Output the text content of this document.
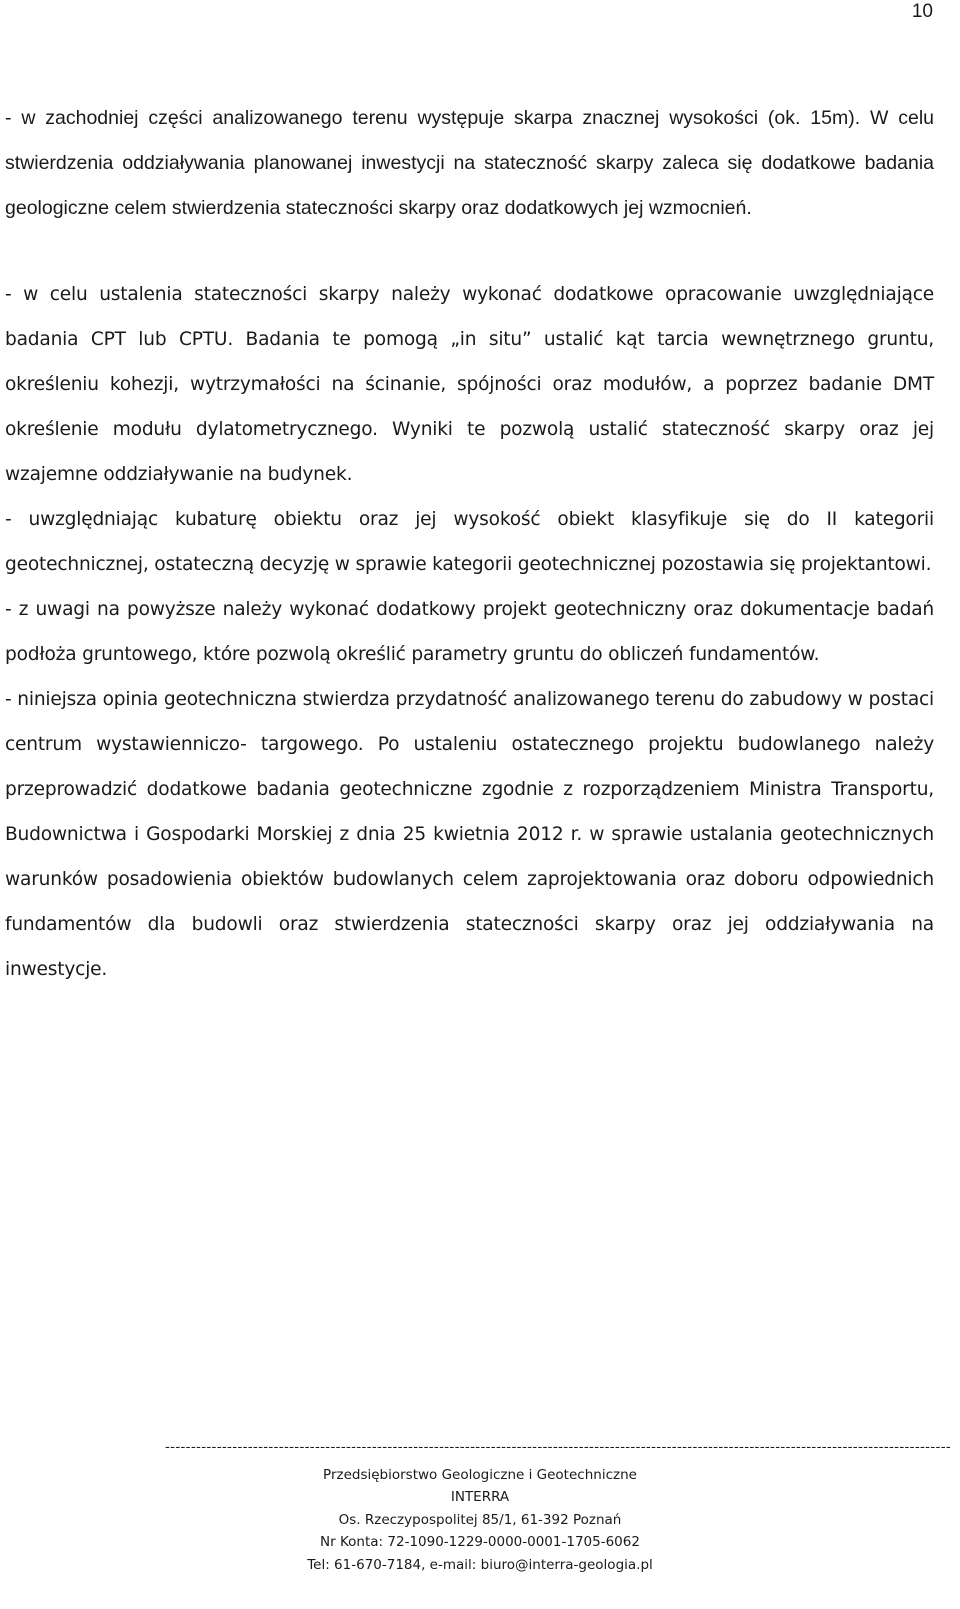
10

- w zachodniej części analizowanego terenu występuje skarpa znacznej wysokości (ok. 15m). W celu stwierdzenia oddziaływania planowanej inwestycji na stateczność skarpy zaleca się dodatkowe badania geologiczne celem stwierdzenia stateczności skarpy oraz dodatkowych jej wzmocnień.

- w celu ustalenia stateczności skarpy należy wykonać dodatkowe opracowanie uwzględniające badania CPT lub CPTU. Badania te pomogą „in situ” ustalić kąt tarcia wewnętrznego gruntu, określeniu kohezji, wytrzymałości na ścinanie, spójności oraz modułów, a poprzez badanie DMT określenie modułu dylatometrycznego. Wyniki te pozwolą ustalić stateczność skarpy oraz jej wzajemne oddziaływanie na budynek.

- uwzględniając kubaturę obiektu oraz jej wysokość obiekt klasyfikuje się do II kategorii geotechnicznej, ostateczną decyzję w sprawie kategorii geotechnicznej pozostawia się projektantowi.

- z uwagi na powyższe należy wykonać dodatkowy projekt geotechniczny oraz dokumentacje badań podłoża gruntowego, które pozwolą określić parametry gruntu do obliczeń fundamentów.

- niniejsza opinia geotechniczna stwierdza przydatność analizowanego terenu do zabudowy w postaci centrum wystawienniczo- targowego. Po ustaleniu ostatecznego projektu budowlanego należy przeprowadzić dodatkowe badania geotechniczne zgodnie z rozporządzeniem Ministra Transportu, Budownictwa i Gospodarki Morskiej z dnia 25 kwietnia 2012 r. w sprawie ustalania geotechnicznych warunków posadowienia obiektów budowlanych celem zaprojektowania oraz doboru odpowiednich fundamentów dla budowli oraz stwierdzenia stateczności skarpy oraz jej oddziaływania na inwestycje.

--------------------------------------------------------------------------------------------------------------------------------------------------------
Przedsiębiorstwo Geologiczne i Geotechniczne
INTERRA
Os. Rzeczypospolitej 85/1, 61-392 Poznań
Nr Konta: 72-1090-1229-0000-0001-1705-6062
Tel: 61-670-7184, e-mail: biuro@interra-geologia.pl
